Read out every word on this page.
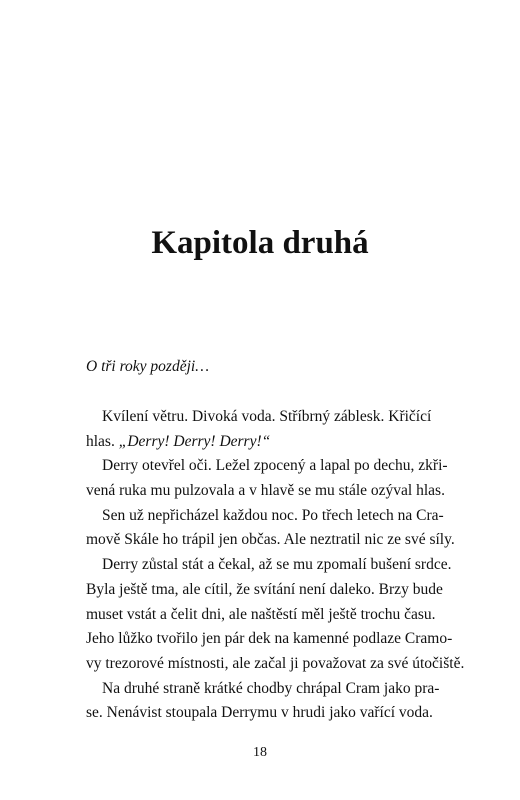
Kapitola druhá

O tři roky později…

Kvílení větru. Divoká voda. Stříbrný záblesk. Křičící
hlas. „Derry! Derry! Derry!“
Derry otevřel oči. Ležel zpocený a lapal po dechu, zkři-
vená ruka mu pulzovala a v hlavě se mu stále ozýval hlas.
Sen už nepřicházel každou noc. Po třech letech na Cra-
mově Skále ho trápil jen občas. Ale neztratil nic ze své síly.
Derry zůstal stát a čekal, až se mu zpomalí bušení srdce.
Byla ještě tma, ale cítil, že svítání není daleko. Brzy bude
muset vstát a čelit dni, ale naštěstí měl ještě trochu času.
Jeho lůžko tvořilo jen pár dek na kamenné podlaze Cramo-
vy trezorové místnosti, ale začal ji považovat za své útočiště.
Na druhé straně krátké chodby chrápal Cram jako pra-
se. Nenávist stoupala Derrymu v hrudi jako vařící voda.

18
